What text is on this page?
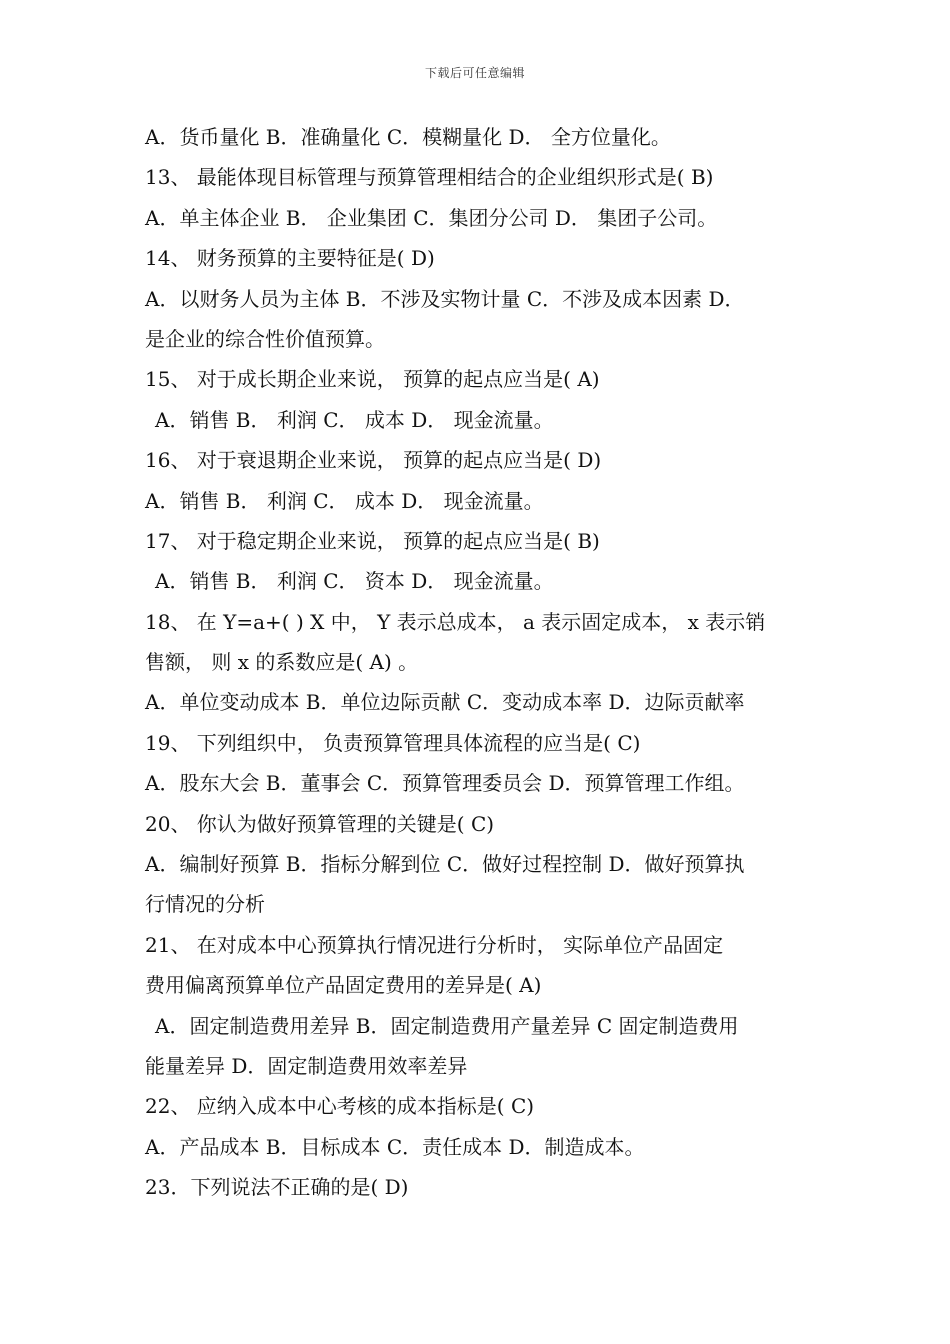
下载后可任意编辑
A．货币量化 B．准确量化 C．模糊量化 D． 全方位量化。
13、 最能体现目标管理与预算管理相结合的企业组织形式是( B)
A．单主体企业 B． 企业集团 C．集团分公司 D． 集团子公司。
14、 财务预算的主要特征是( D)
A．以财务人员为主体 B．不涉及实物计量 C．不涉及成本因素 D．
是企业的综合性价值预算。
15、 对于成长期企业来说， 预算的起点应当是( A)
A．销售 B． 利润 C． 成本 D． 现金流量。
16、 对于衰退期企业来说， 预算的起点应当是( D)
A．销售 B． 利润 C． 成本 D． 现金流量。
17、 对于稳定期企业来说， 预算的起点应当是( B)
A．销售 B． 利润 C． 资本 D． 现金流量。
18、 在 Y=a+( ) X 中， Y 表示总成本， a 表示固定成本， x 表示销
售额， 则 x 的系数应是( A) 。
A．单位变动成本 B．单位边际贡献 C．变动成本率 D．边际贡献率
19、 下列组织中， 负责预算管理具体流程的应当是( C)
A．股东大会 B．董事会 C．预算管理委员会 D．预算管理工作组。
20、 你认为做好预算管理的关键是( C)
A．编制好预算 B．指标分解到位 C．做好过程控制 D．做好预算执
行情况的分析
21、 在对成本中心预算执行情况进行分析时， 实际单位产品固定
费用偏离预算单位产品固定费用的差异是( A)
A．固定制造费用差异 B．固定制造费用产量差异 C 固定制造费用
能量差异 D．固定制造费用效率差异
22、 应纳入成本中心考核的成本指标是( C)
A．产品成本 B．目标成本 C．责任成本 D．制造成本。
23．下列说法不正确的是( D)
